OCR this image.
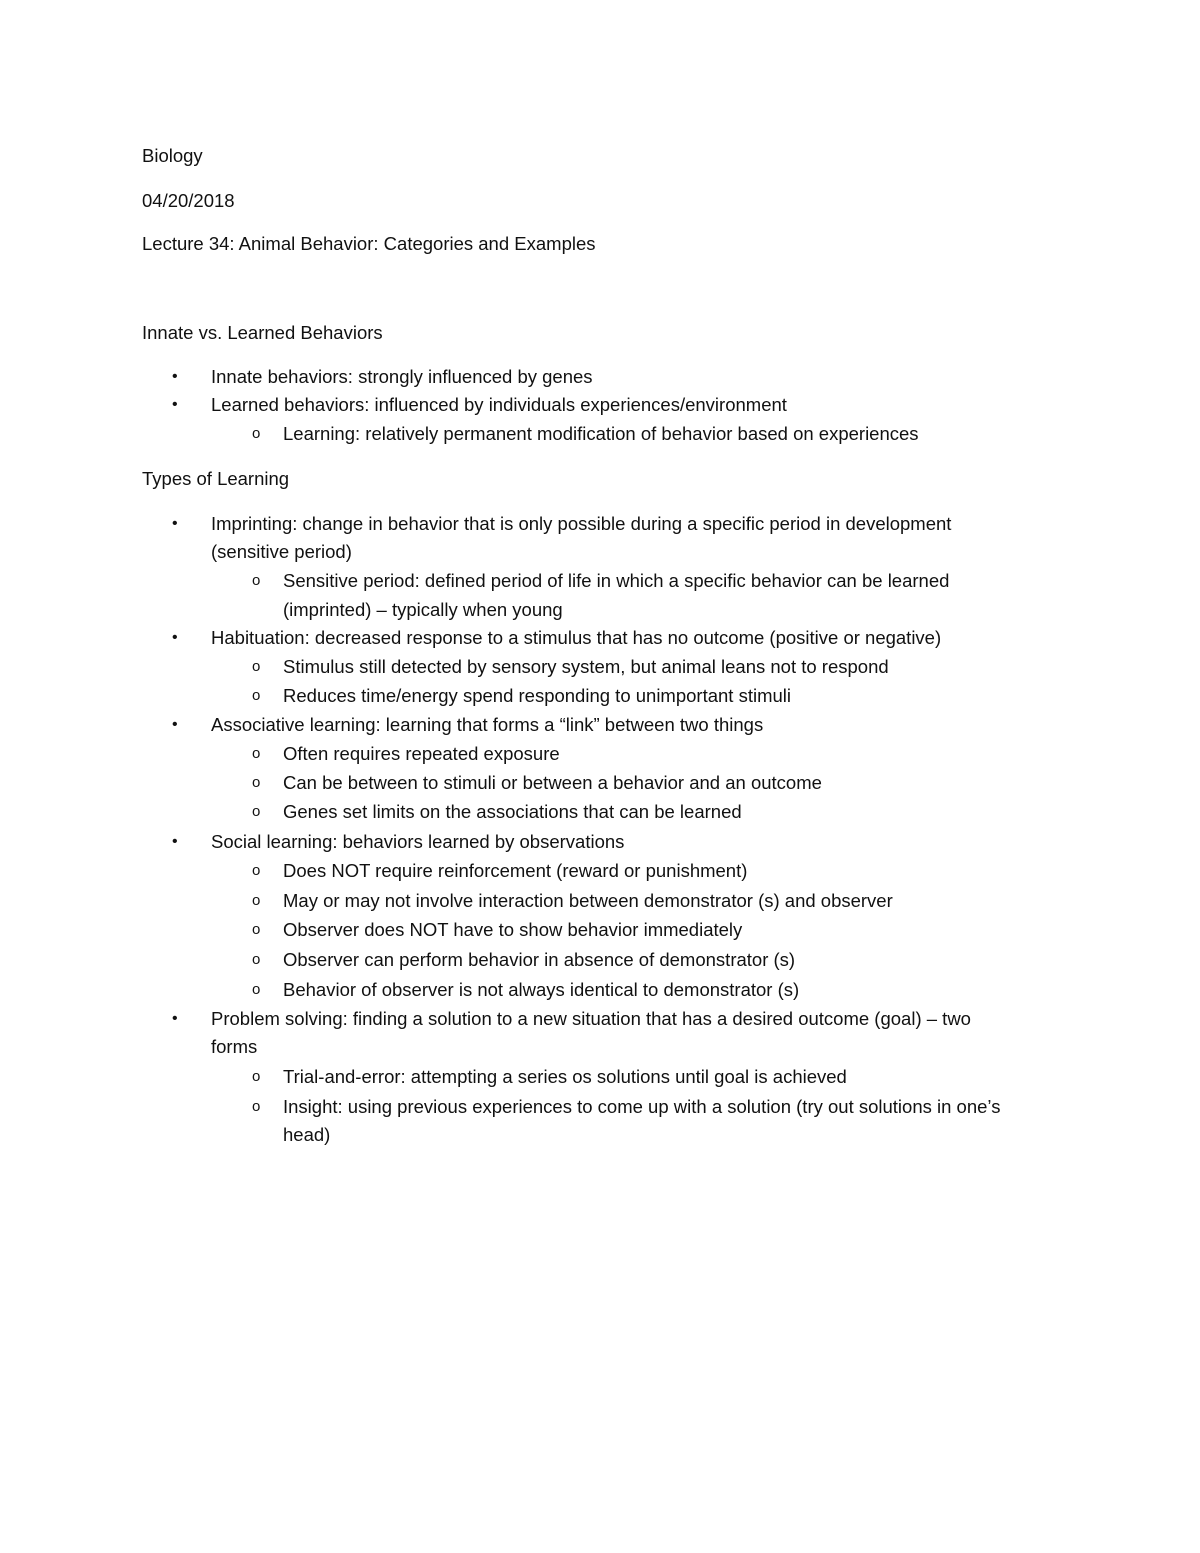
Biology
04/20/2018
Lecture 34: Animal Behavior: Categories and Examples
Innate vs. Learned Behaviors
• Innate behaviors: strongly influenced by genes
• Learned behaviors: influenced by individuals experiences/environment
o Learning: relatively permanent modification of behavior based on experiences
Types of Learning
• Imprinting: change in behavior that is only possible during a specific period in development
(sensitive period)
o Sensitive period: defined period of life in which a specific behavior can be learned
(imprinted) – typically when young
• Habituation: decreased response to a stimulus that has no outcome (positive or negative)
o Stimulus still detected by sensory system, but animal leans not to respond
o Reduces time/energy spend responding to unimportant stimuli
• Associative learning: learning that forms a “link” between two things
o Often requires repeated exposure
o Can be between to stimuli or between a behavior and an outcome
o Genes set limits on the associations that can be learned
• Social learning: behaviors learned by observations
o Does NOT require reinforcement (reward or punishment)
o May or may not involve interaction between demonstrator (s) and observer
o Observer does NOT have to show behavior immediately
o Observer can perform behavior in absence of demonstrator (s)
o Behavior of observer is not always identical to demonstrator (s)
• Problem solving: finding a solution to a new situation that has a desired outcome (goal) – two
forms
o Trial-and-error: attempting a series os solutions until goal is achieved
o Insight: using previous experiences to come up with a solution (try out solutions in one’s
head)
